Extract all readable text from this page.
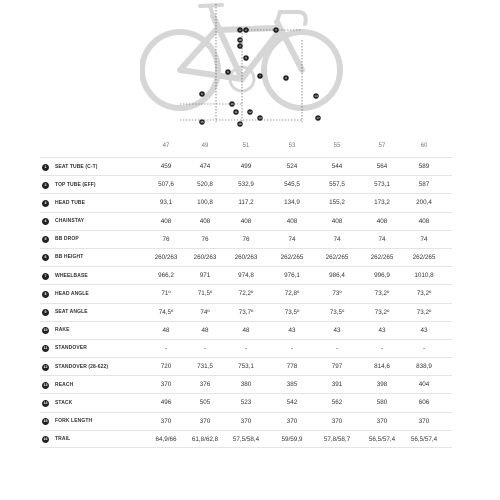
1 2	3
4
5
6
7	8
9
10
11	12
13
14
15	16
17
18
47	49	51	53	55	57	60
1	SEAT TUBE (C-T)	459	474	499	524	544	564	589
2	TOP TUBE (EFF)	507,6	520,8	532,9	545,5	557,5	573,1	587
3	HEAD TUBE	93,1	100,8	117,2	134,9	155,2	173,2	200,4
4	CHAINSTAY	408	408	408	408	408	408	408
5	BB DROP	76	76	76	74	74	74	74
6	BB HEIGHT	260/263	260/263	260/263	262/265	262/265	262/265	262/265
7	WHEELBASE	966,2	971	974,8	976,1	986,4	996,9	1010,8
8	HEAD ANGLE	71º	71,5º	72,2º	72,8º	73º	73,2º	73,2º
9	SEAT ANGLE	74,5º	74º	73,7º	73,5º	73,5º	73,2º	73,2º
10	RAKE	48	48	48	43	43	43	43
11	STANDOVER	-	-	-	-	-	-	-
12	STANDOVER (28-622)	720	731,5	753,1	778	797	814,6	838,9
13	REACH	370	376	380	385	391	398	404
14	STACK	496	505	523	542	562	580	606
15	FORK LENGTH	370	370	370	370	370	370	370
16	TRAIL	64,9/66	61,8/62,8	57,5/58,4	59/59,9	57,8/58,7	56,5/57,4	56,5/57,4
